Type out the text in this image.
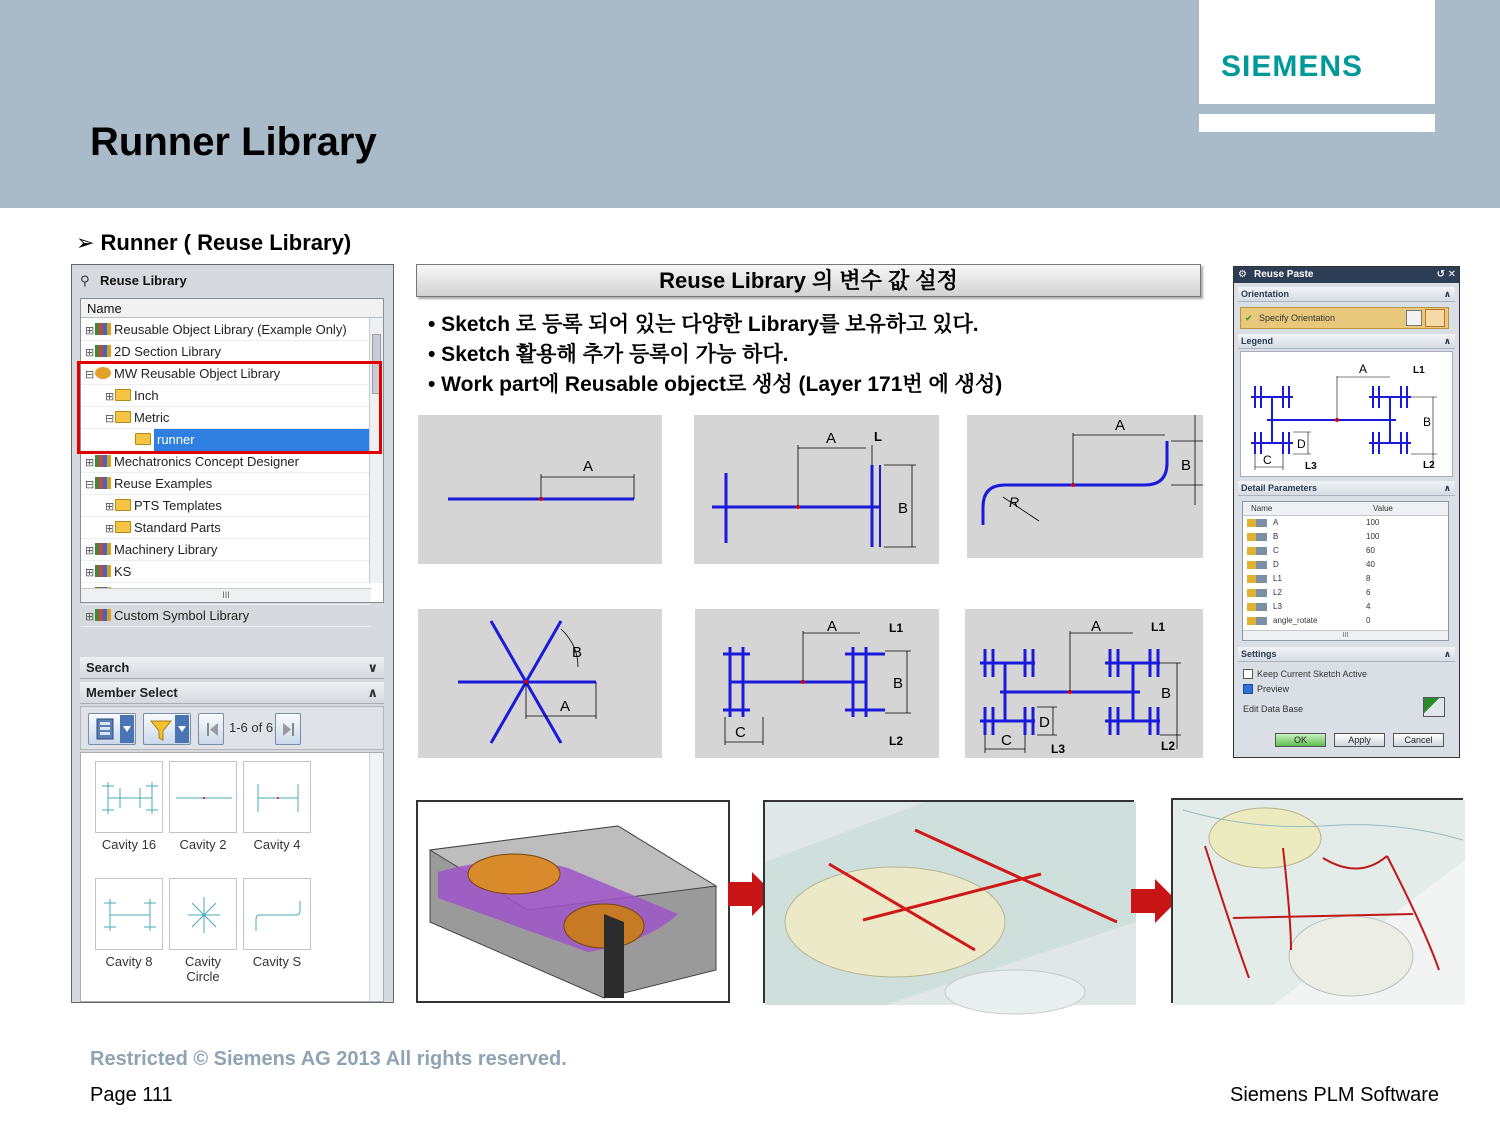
Runner Library
SIEMENS
➢ Runner ( Reuse Library)
⚲ Reuse Library
Name
⊞ Reusable Object Library (Example Only)
⊞ 2D Section Library
⊟ MW Reusable Object Library
⊞ Inch
⊟ Metric
runner
⊞ Mechatronics Concept Designer
⊟ Reuse Examples
⊞ PTS Templates
⊞ Standard Parts
⊞ Machinery Library
⊞ KS
⊞ Custom Symbol Library
III
Search	∨
Member Select	∧
1-6 of 6
Cavity 16	Cavity 2	Cavity 4
Cavity 8	Cavity Circle
Cavity S
Reuse Library 의 변수 값 설정
• Sketch 로 등록 되어 있는 다양한 Library를 보유하고 있다.
• Sketch 활용해 추가 등록이 가능 하다.
• Work part에 Reusable object로 생성 (Layer 171번 에 생성)
A
A	L
B
A
B
R
A
B
A	L1
B
L2
C
A	L1
B
L2
C
D
L3
⚙ Reuse Paste	↺ ✕
Orientation	∧
✔ Specify Orientation
Legend	∧
A	L1
B
L2
C
D
L3
Detail Parameters	∧
Name	Value
A	100
B	100
C	60
D	40
L1	8
L2	6
L3	4
angle_rotate	0
III
Settings	∧
Keep Current Sketch Active
Preview
Edit Data Base
OK	Apply	Cancel
Restricted © Siemens AG 2013 All rights reserved.
Page 111	Siemens PLM Software
